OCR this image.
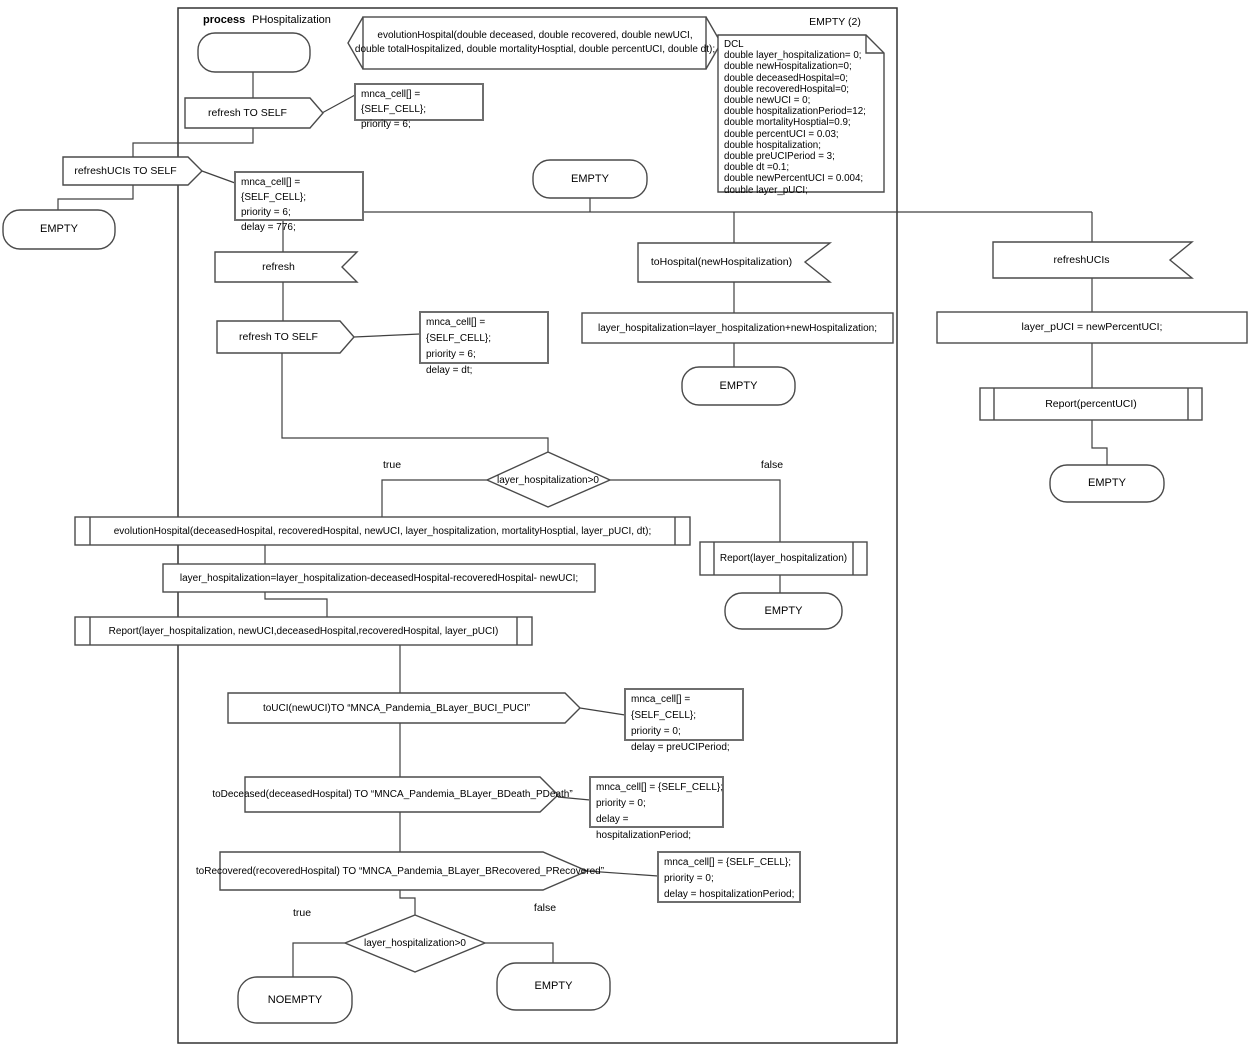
process PHospitalization	EMPTY (2)
evolutionHospital(double deceased, double recovered, double newUCI,
double totalHospitalized, double mortalityHosptial, double percentUCI, double dt); DCL
double layer_hospitalization= 0;
double newHospitalization=0;
double deceasedHospital=0;
double recoveredHospital=0;
double newUCI = 0;
double hospitalizationPeriod=12;
double mortalityHosptial=0.9;
double percentUCI = 0.03;
double hospitalization;
double preUCIPeriod = 3;
double dt =0.1;
double newPercentUCI = 0.004;
double layer_pUCI;
EMPTY
EMPTY
EMPTY
EMPTY
EMPTY
NOEMPTY
EMPTY
refresh	toHospital(newHospitalization)	refreshUCIs
refresh TO SELF
refreshUCIs TO SELF
refresh TO SELF
toUCI(newUCI)TO “MNCA_Pandemia_BLayer_BUCI_PUCI”
toDeceased(deceasedHospital) TO “MNCA_Pandemia_BLayer_BDeath_PDeath”
toRecovered(recoveredHospital) TO “MNCA_Pandemia_BLayer_BRecovered_PRecovered”
layer_hospitalization=layer_hospitalization+newHospitalization;	layer_pUCI = newPercentUCI;
layer_hospitalization=layer_hospitalization-deceasedHospital-recoveredHospital- newUCI;
Report(percentUCI)
evolutionHospital(deceasedHospital, recoveredHospital, newUCI, layer_hospitalization, mortalityHosptial, layer_pUCI, dt);
Report(layer_hospitalization, newUCI,deceasedHospital,recoveredHospital, layer_pUCI)
Report(layer_hospitalization)
layer_hospitalization>0
layer_hospitalization>0
true	false
true	false
mnca_cell[] = {SELF_CELL};
priority = 6;
mnca_cell[] = {SELF_CELL};
priority = 6;
delay = 776;
mnca_cell[] = {SELF_CELL};
priority = 6;
delay = dt;
mnca_cell[] = {SELF_CELL};
priority = 0;
delay = preUCIPeriod;
mnca_cell[] = {SELF_CELL};
priority = 0;
delay = hospitalizationPeriod;
mnca_cell[] = {SELF_CELL};
priority = 0;
delay = hospitalizationPeriod;
